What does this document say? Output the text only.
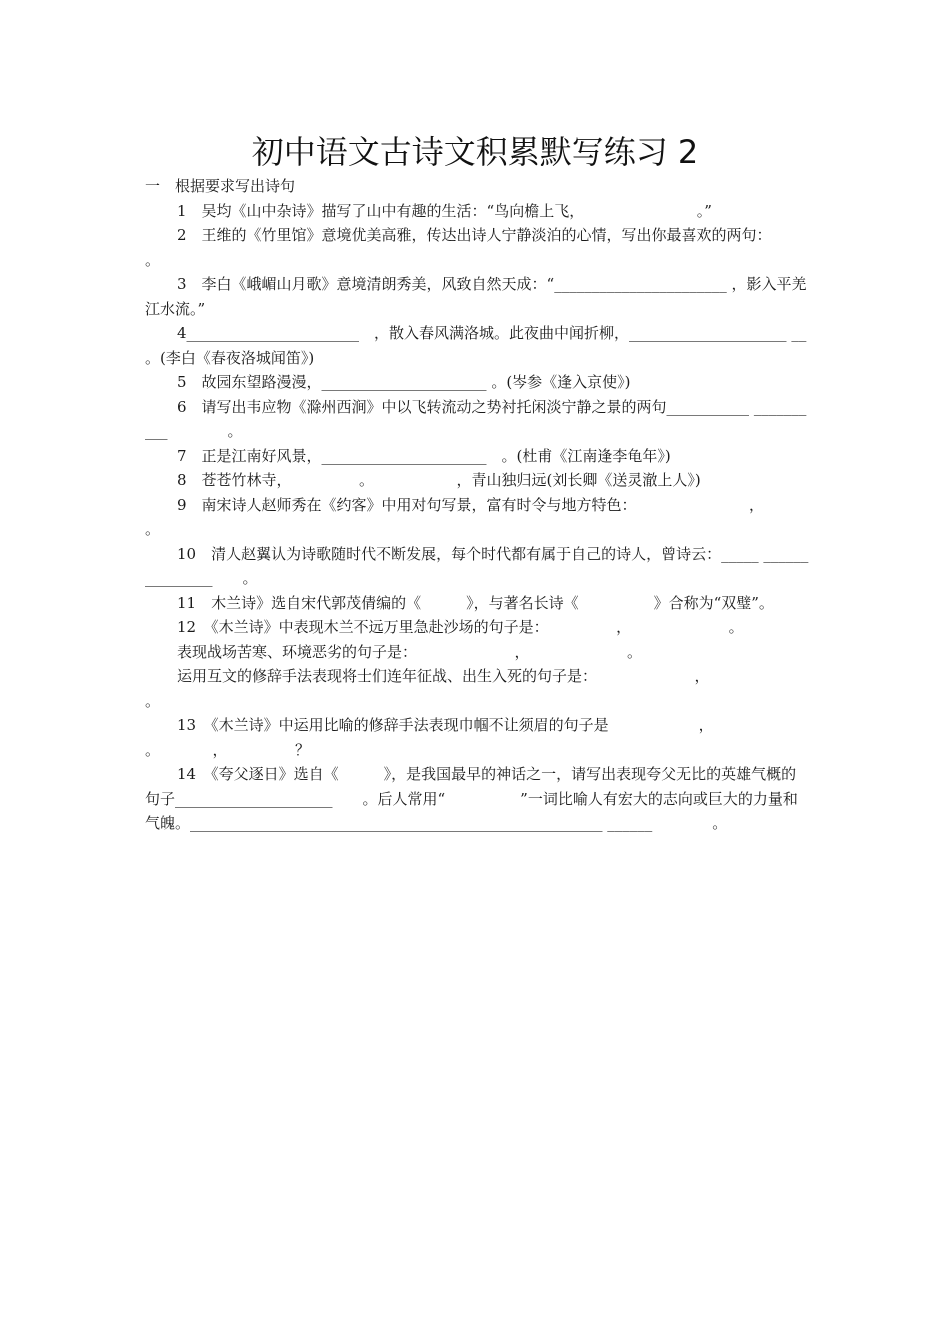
初中语文古诗文积累默写练习 2

一　根据要求写出诗句

1　吴均《山中杂诗》描写了山中有趣的生活：“鸟向檐上飞，　　　　　　　　。”

2　王维的《竹里馆》意境优美高雅，传达出诗人宁静淡泊的心情，写出你最喜欢的两句：

。

3　李白《峨嵋山月歌》意境清朗秀美，风致自然天成：“_______________________ ，影入平羌江水流。”

4_______________________　，散入春风满洛城。此夜曲中闻折柳，_____________________ __ 。(李白《春夜洛城闻笛》)

5　故园东望路漫漫，______________________ 。(岑参《逢入京使》)

6　请写出韦应物《滁州西涧》中以飞转流动之势衬托闲淡宁静之景的两句___________ __________　　　　。

7　正是江南好风景，______________________　。(杜甫《江南逢李龟年》)

8　苍苍竹林寺，　　　　　。　　　　　　，青山独归远(刘长卿《送灵澈上人》)

9　南宋诗人赵师秀在《约客》中用对句写景，富有时令与地方特色：　　　　　　　　，

。

10　清人赵翼认为诗歌随时代不断发展，每个时代都有属于自己的诗人，曾诗云：_____ _______________　　。

11　木兰诗》选自宋代郭茂倩编的《　　　》，与著名长诗《　　　　　》合称为“双璧”。

12　《木兰诗》中表现木兰不远万里急赴沙场的句子是：　　　　　，　　　　　　　。

表现战场苦寒、环境恶劣的句子是：　　　　　　　，　　　　　　　。

运用互文的修辞手法表现将士们连年征战、出生入死的句子是：　　　　　　　，

。

13　《木兰诗》中运用比喻的修辞手法表现巾帼不让须眉的句子是　　　　　　，

。　　　　，　　　　　？

14　《夸父逐日》选自《　　　》，是我国最早的神话之一，请写出表现夸父无比的英雄气概的句子_____________________　　。后人常用“　　　　　”一词比喻人有宏大的志向或巨大的力量和气魄。_______________________________________________________ ______　　　　。
